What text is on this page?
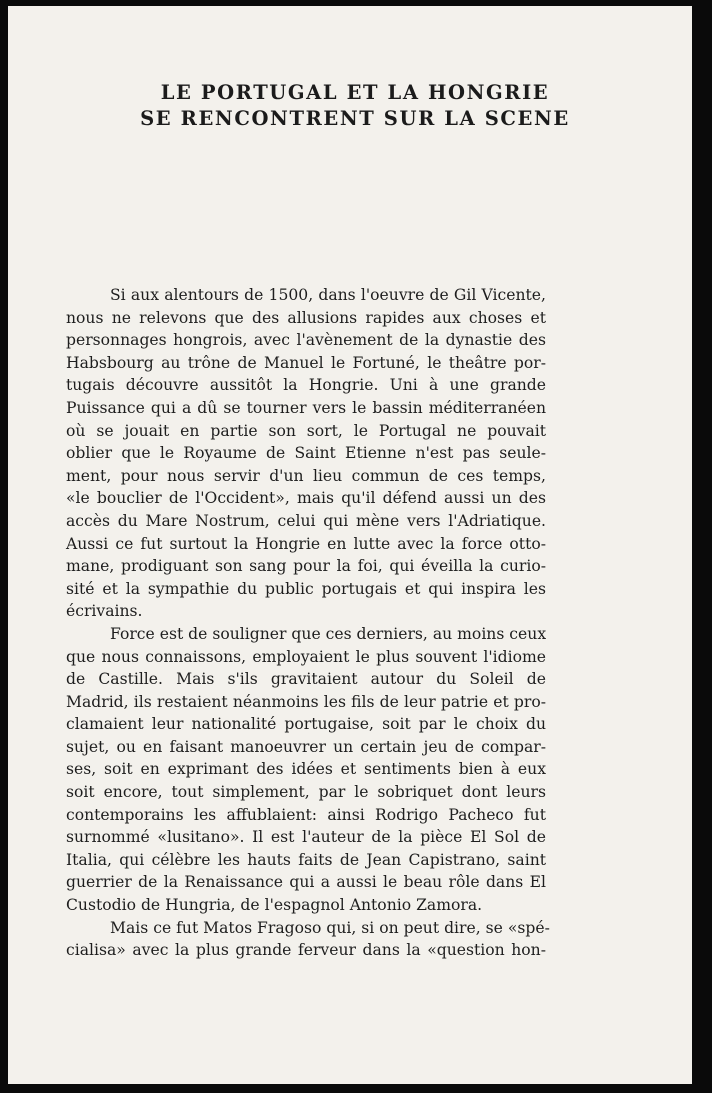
LE PORTUGAL ET LA HONGRIE
SE RENCONTRENT SUR LA SCENE
Si aux alentours de 1500, dans l'oeuvre de Gil Vicente,
nous ne relevons que des allusions rapides aux choses et
personnages hongrois, avec l'avènement de la dynastie des
Habsbourg au trône de Manuel le Fortuné, le theâtre por-
tugais découvre aussitôt la Hongrie. Uni à une grande
Puissance qui a dû se tourner vers le bassin méditerranéen
où se jouait en partie son sort, le Portugal ne pouvait
oblier que le Royaume de Saint Etienne n'est pas seule-
ment, pour nous servir d'un lieu commun de ces temps,
«le bouclier de l'Occident», mais qu'il défend aussi un des
accès du Mare Nostrum, celui qui mène vers l'Adriatique.
Aussi ce fut surtout la Hongrie en lutte avec la force otto-
mane, prodiguant son sang pour la foi, qui éveilla la curio-
sité et la sympathie du public portugais et qui inspira les
écrivains.
Force est de souligner que ces derniers, au moins ceux
que nous connaissons, employaient le plus souvent l'idiome
de Castille. Mais s'ils gravitaient autour du Soleil de
Madrid, ils restaient néanmoins les fils de leur patrie et pro-
clamaient leur nationalité portugaise, soit par le choix du
sujet, ou en faisant manoeuvrer un certain jeu de compar-
ses, soit en exprimant des idées et sentiments bien à eux
soit encore, tout simplement, par le sobriquet dont leurs
contemporains les affublaient: ainsi Rodrigo Pacheco fut
surnommé «lusitano». Il est l'auteur de la pièce El Sol de
Italia, qui célèbre les hauts faits de Jean Capistrano, saint
guerrier de la Renaissance qui a aussi le beau rôle dans El
Custodio de Hungria, de l'espagnol Antonio Zamora.
Mais ce fut Matos Fragoso qui, si on peut dire, se «spé-
cialisa» avec la plus grande ferveur dans la «question hon-
